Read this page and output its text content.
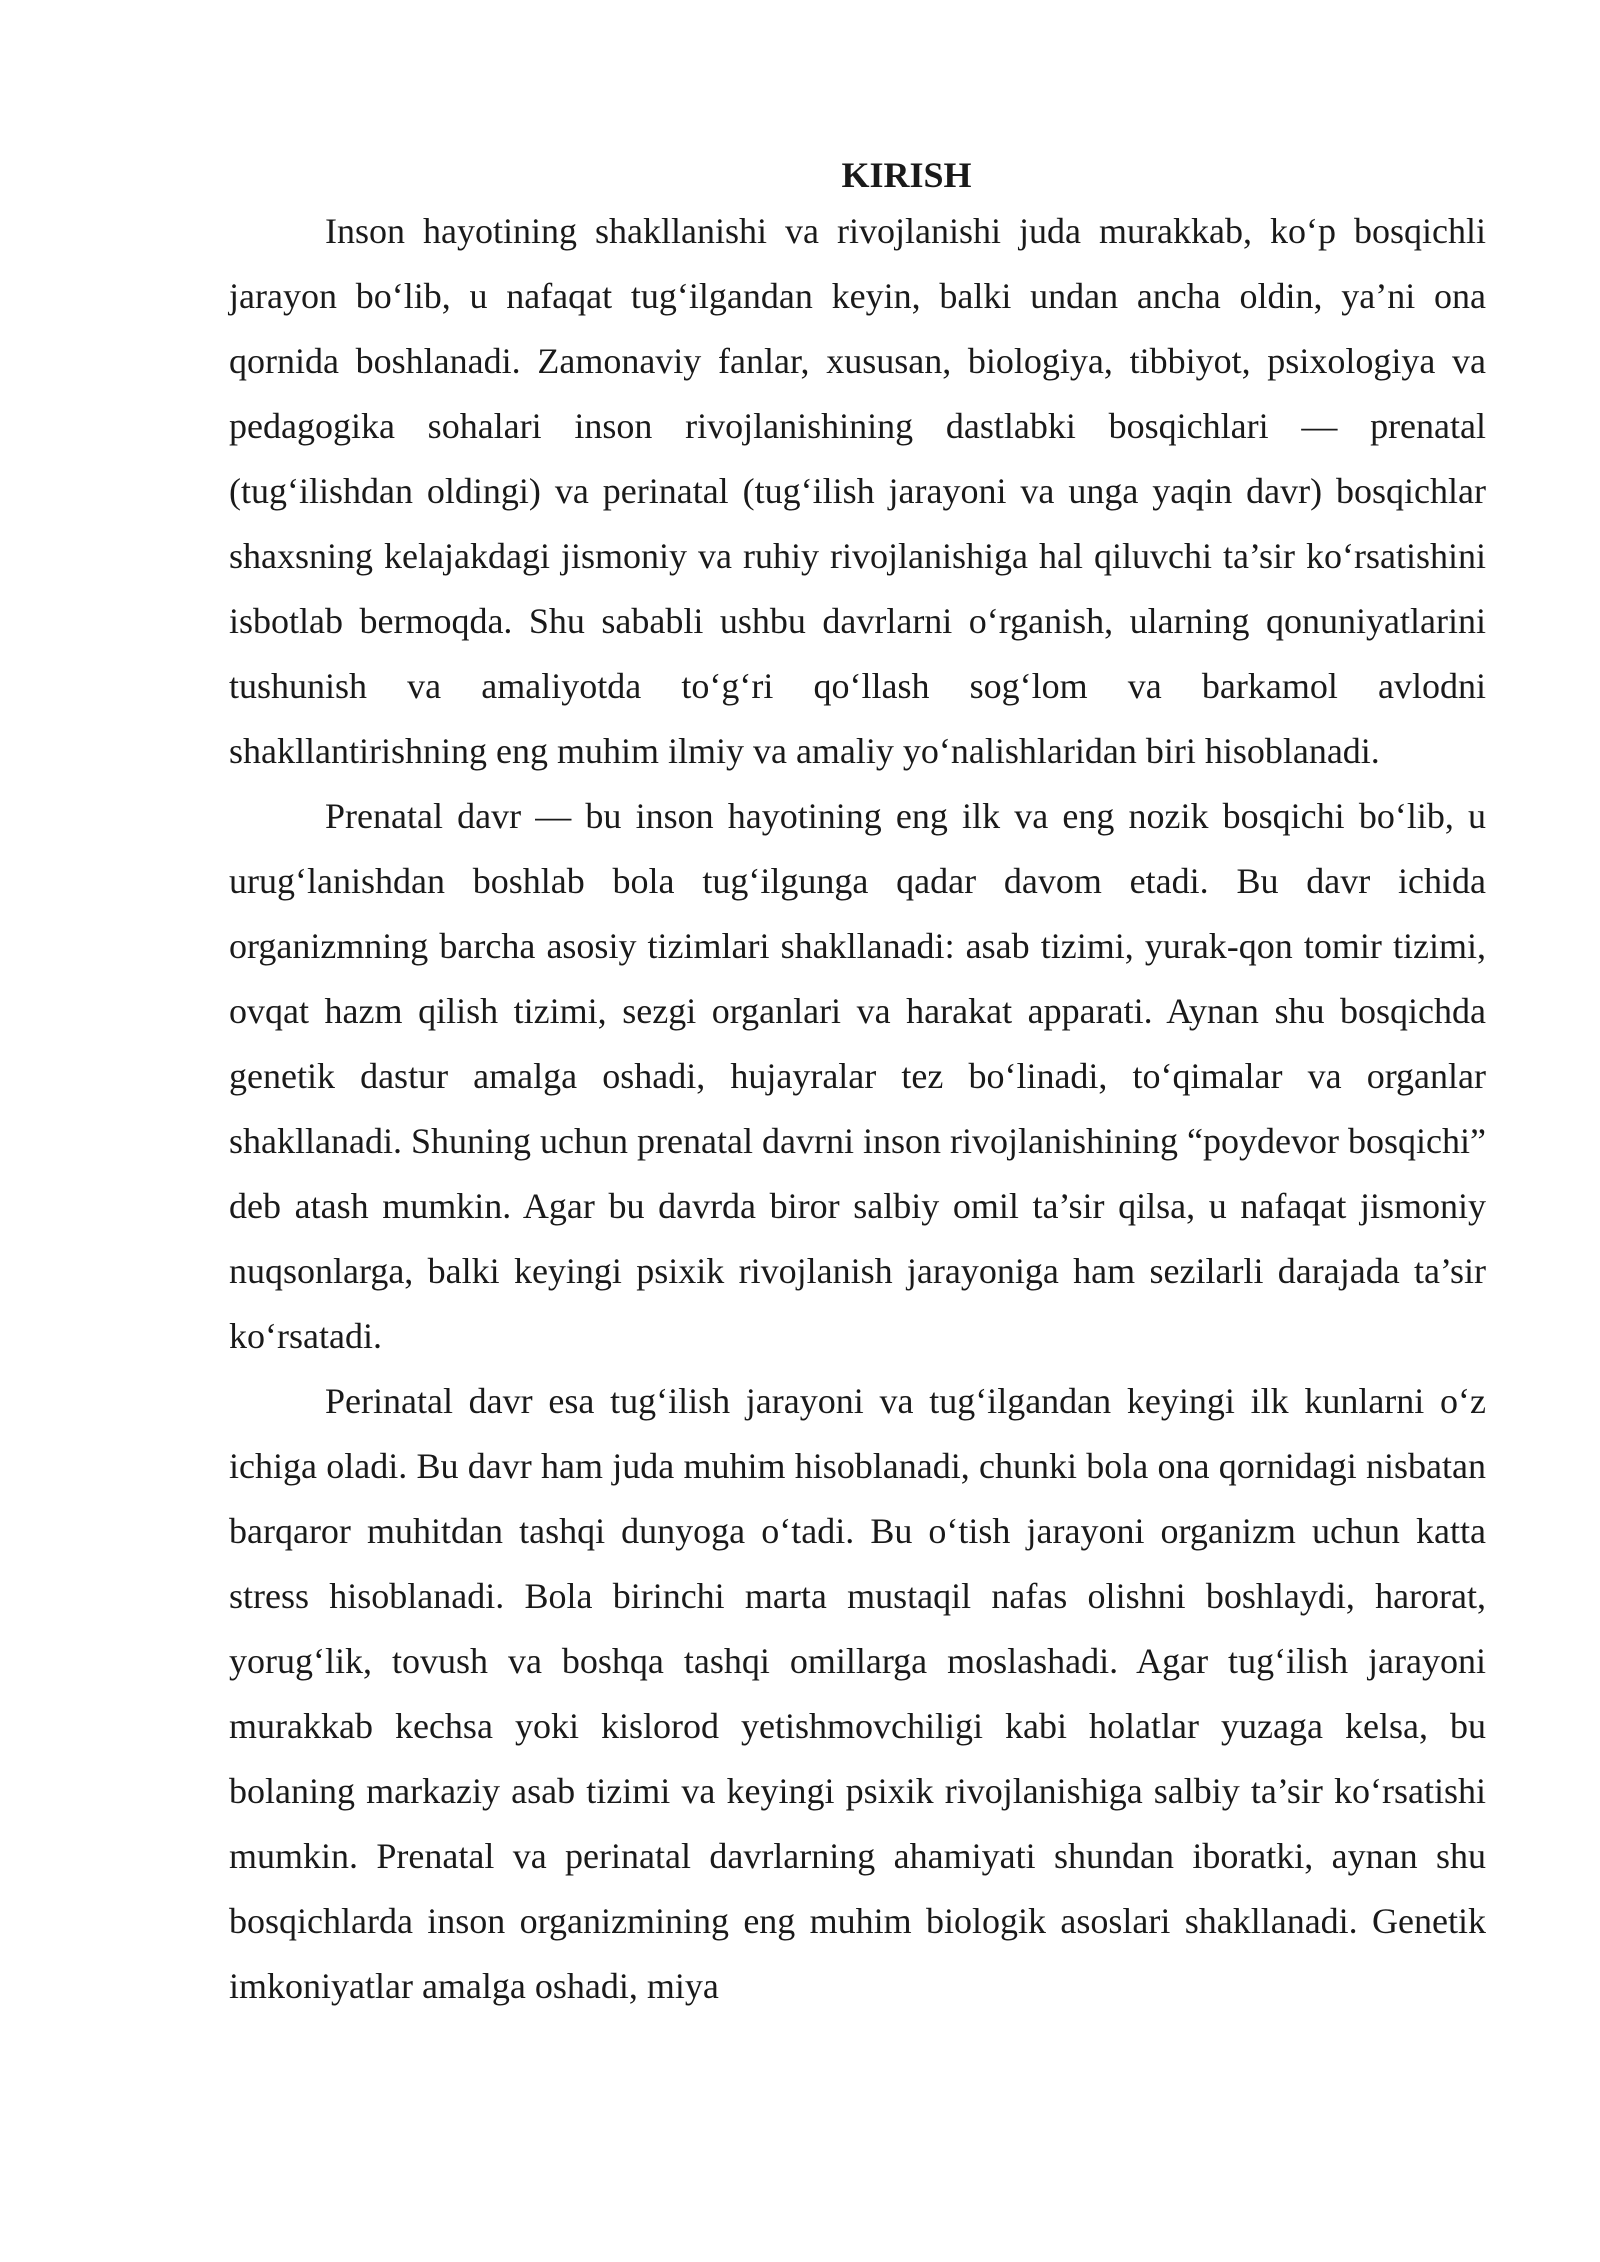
KIRISH

Inson hayotining shakllanishi va rivojlanishi juda murakkab, ko‘p bosqichli jarayon bo‘lib, u nafaqat tug‘ilgandan keyin, balki undan ancha oldin, ya’ni ona qornida boshlanadi. Zamonaviy fanlar, xususan, biologiya, tibbiyot, psixologiya va pedagogika sohalari inson rivojlanishining dastlabki bosqichlari — prenatal (tug‘ilishdan oldingi) va perinatal (tug‘ilish jarayoni va unga yaqin davr) bosqichlar shaxsning kelajakdagi jismoniy va ruhiy rivojlanishiga hal qiluvchi ta’sir ko‘rsatishini isbotlab bermoqda. Shu sababli ushbu davrlarni o‘rganish, ularning qonuniyatlarini tushunish va amaliyotda to‘g‘ri qo‘llash sog‘lom va barkamol avlodni shakllantirishning eng muhim ilmiy va amaliy yo‘nalishlaridan biri hisoblanadi.

Prenatal davr — bu inson hayotining eng ilk va eng nozik bosqichi bo‘lib, u urug‘lanishdan boshlab bola tug‘ilgunga qadar davom etadi. Bu davr ichida organizmning barcha asosiy tizimlari shakllanadi: asab tizimi, yurak-qon tomir tizimi, ovqat hazm qilish tizimi, sezgi organlari va harakat apparati. Aynan shu bosqichda genetik dastur amalga oshadi, hujayralar tez bo‘linadi, to‘qimalar va organlar shakllanadi. Shuning uchun prenatal davrni inson rivojlanishining “poydevor bosqichi” deb atash mumkin. Agar bu davrda biror salbiy omil ta’sir qilsa, u nafaqat jismoniy nuqsonlarga, balki keyingi psixik rivojlanish jarayoniga ham sezilarli darajada ta’sir ko‘rsatadi.

Perinatal davr esa tug‘ilish jarayoni va tug‘ilgandan keyingi ilk kunlarni o‘z ichiga oladi. Bu davr ham juda muhim hisoblanadi, chunki bola ona qornidagi nisbatan barqaror muhitdan tashqi dunyoga o‘tadi. Bu o‘tish jarayoni organizm uchun katta stress hisoblanadi. Bola birinchi marta mustaqil nafas olishni boshlaydi, harorat, yorug‘lik, tovush va boshqa tashqi omillarga moslashadi. Agar tug‘ilish jarayoni murakkab kechsa yoki kislorod yetishmovchiligi kabi holatlar yuzaga kelsa, bu bolaning markaziy asab tizimi va keyingi psixik rivojlanishiga salbiy ta’sir ko‘rsatishi mumkin. Prenatal va perinatal davrlarning ahamiyati shundan iboratki, aynan shu bosqichlarda inson organizmining eng muhim biologik asoslari shakllanadi. Genetik imkoniyatlar amalga oshadi, miya
